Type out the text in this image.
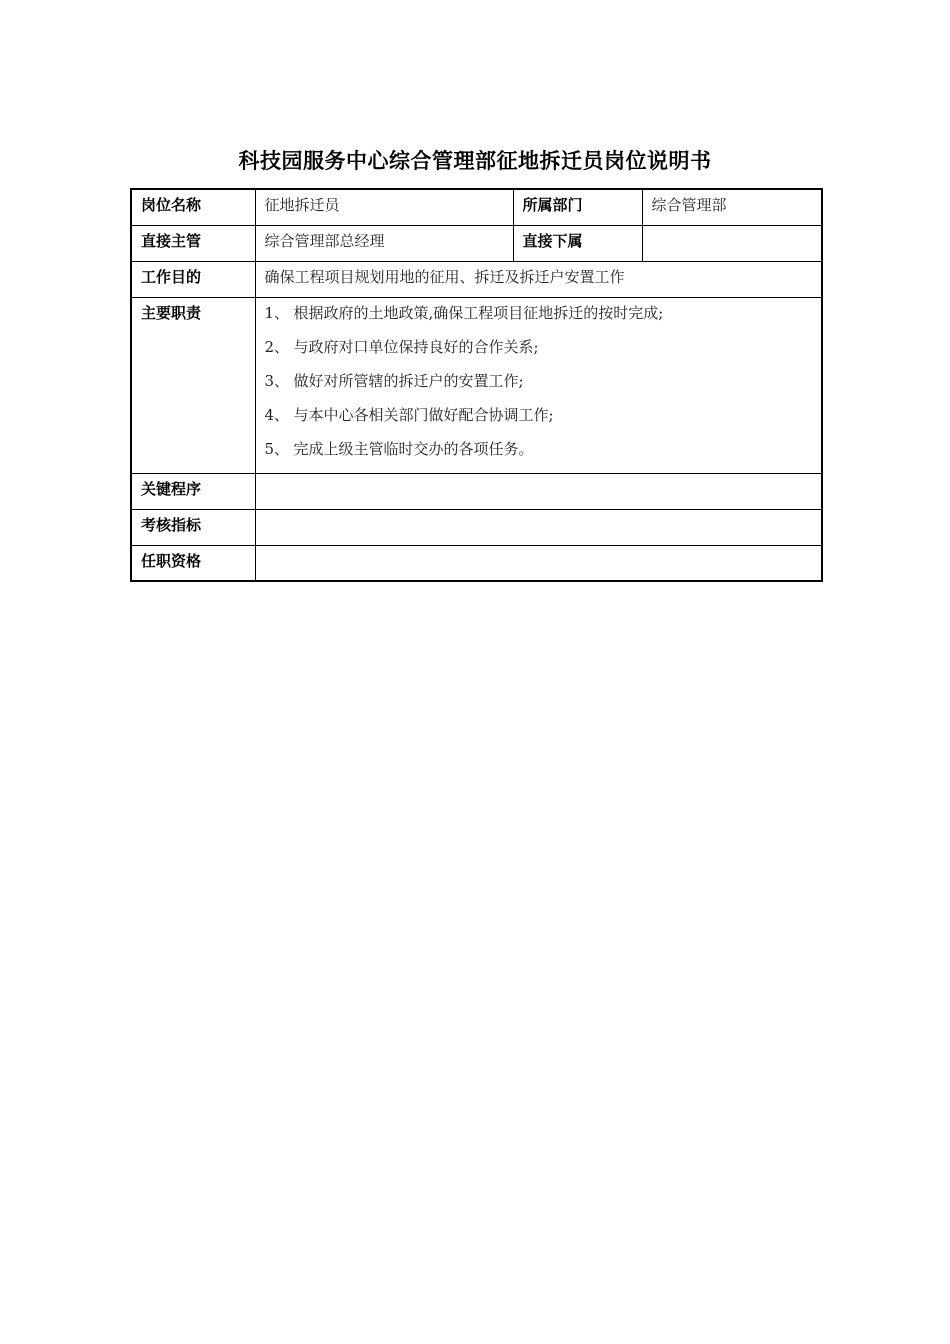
科技园服务中心综合管理部征地拆迁员岗位说明书
岗位名称	征地拆迁员	所属部门	综合管理部
直接主管	综合管理部总经理	直接下属	
工作目的	确保工程项目规划用地的征用、拆迁及拆迁户安置工作		
主要职责	1、 根据政府的土地政策,确保工程项目征地拆迁的按时完成;
2、 与政府对口单位保持良好的合作关系;
3、 做好对所管辖的拆迁户的安置工作;
4、 与本中心各相关部门做好配合协调工作;
5、 完成上级主管临时交办的各项任务。		

关键程序			
考核指标			
任职资格			
